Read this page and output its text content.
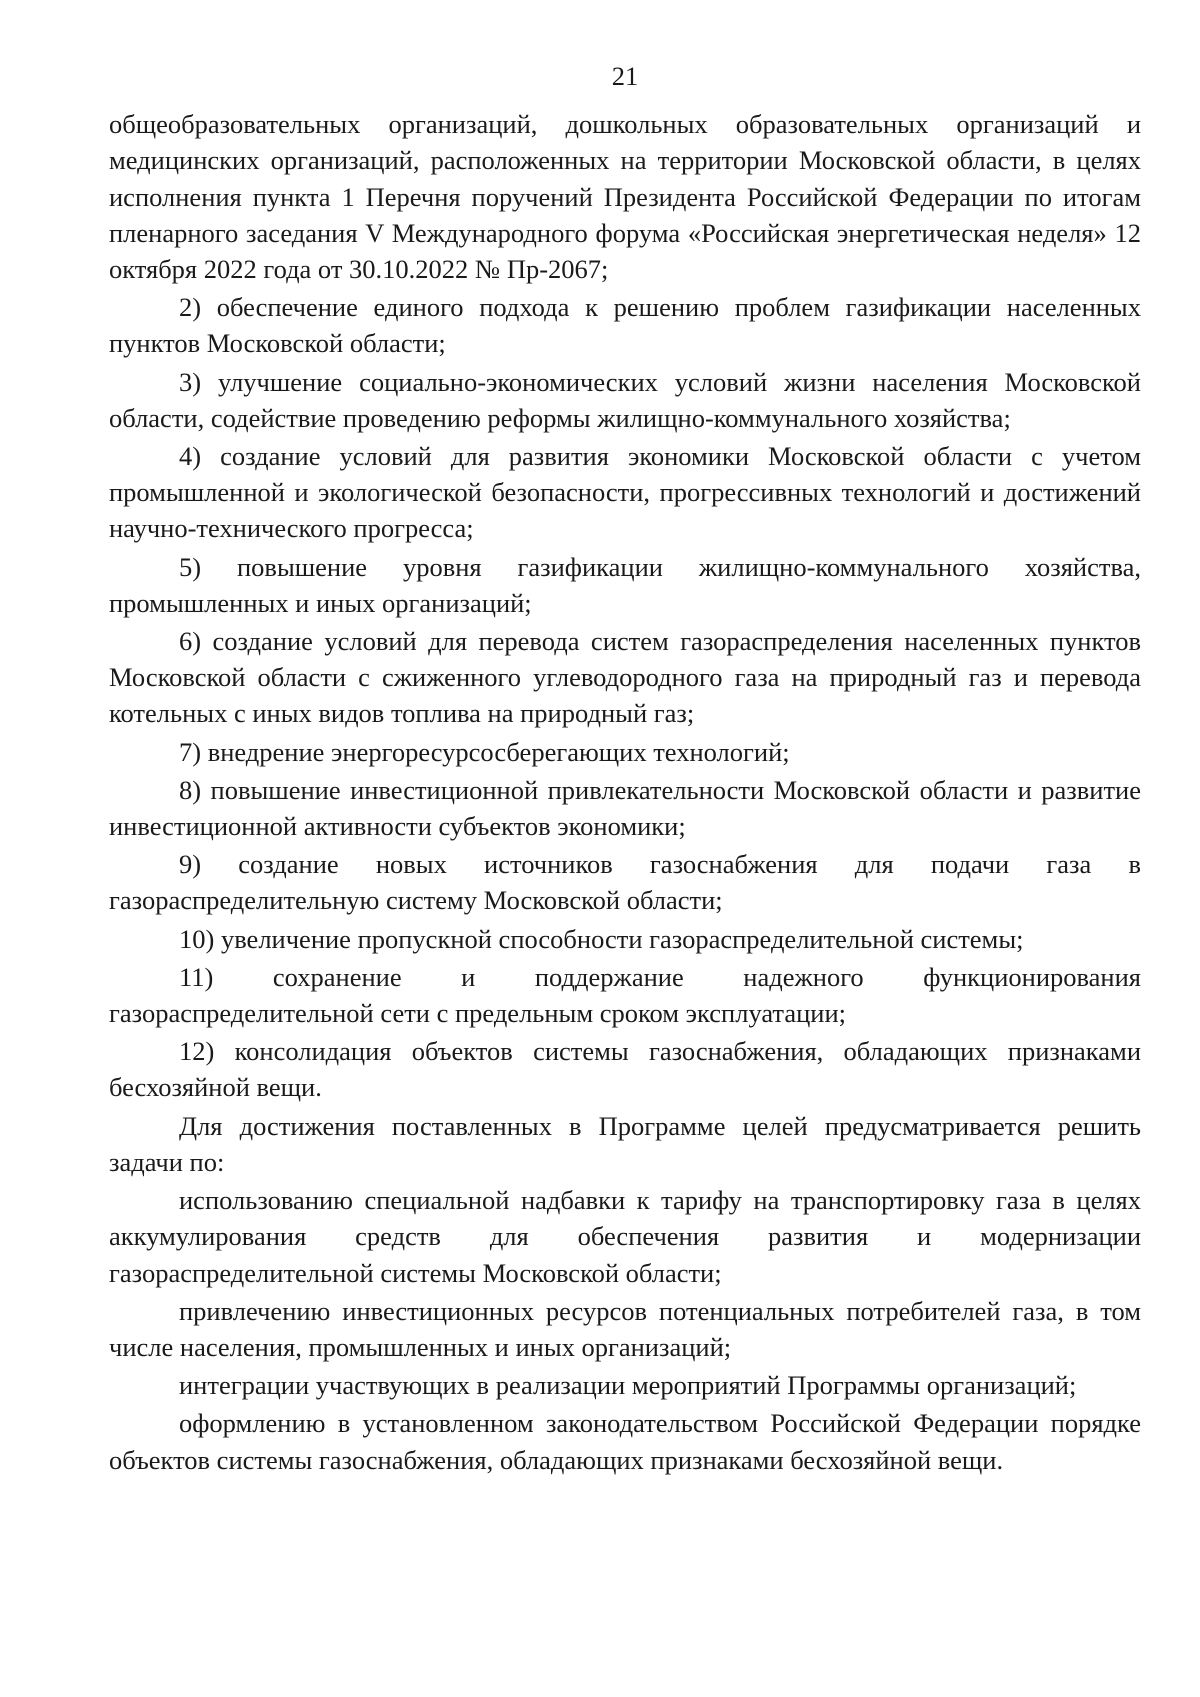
21

общеобразовательных организаций, дошкольных образовательных организаций и медицинских организаций, расположенных на территории Московской области, в целях исполнения пункта 1 Перечня поручений Президента Российской Федерации по итогам пленарного заседания V Международного форума «Российская энергетическая неделя» 12 октября 2022 года от 30.10.2022 № Пр-2067;

2) обеспечение единого подхода к решению проблем газификации населенных пунктов Московской области;

3) улучшение социально-экономических условий жизни населения Московской области, содействие проведению реформы жилищно-коммунального хозяйства;

4) создание условий для развития экономики Московской области с учетом промышленной и экологической безопасности, прогрессивных технологий и достижений научно-технического прогресса;

5) повышение уровня газификации жилищно-коммунального хозяйства, промышленных и иных организаций;

6) создание условий для перевода систем газораспределения населенных пунктов Московской области с сжиженного углеводородного газа на природный газ и перевода котельных с иных видов топлива на природный газ;

7) внедрение энергоресурсосберегающих технологий;

8) повышение инвестиционной привлекательности Московской области и развитие инвестиционной активности субъектов экономики;

9) создание новых источников газоснабжения для подачи газа в газораспределительную систему Московской области;

10) увеличение пропускной способности газораспределительной системы;

11) сохранение и поддержание надежного функционирования газораспределительной сети с предельным сроком эксплуатации;

12) консолидация объектов системы газоснабжения, обладающих признаками бесхозяйной вещи.

Для достижения поставленных в Программе целей предусматривается решить задачи по:

использованию специальной надбавки к тарифу на транспортировку газа в целях аккумулирования средств для обеспечения развития и модернизации газораспределительной системы Московской области;

привлечению инвестиционных ресурсов потенциальных потребителей газа, в том числе населения, промышленных и иных организаций;

интеграции участвующих в реализации мероприятий Программы организаций;

оформлению в установленном законодательством Российской Федерации порядке объектов системы газоснабжения, обладающих признаками бесхозяйной вещи.
